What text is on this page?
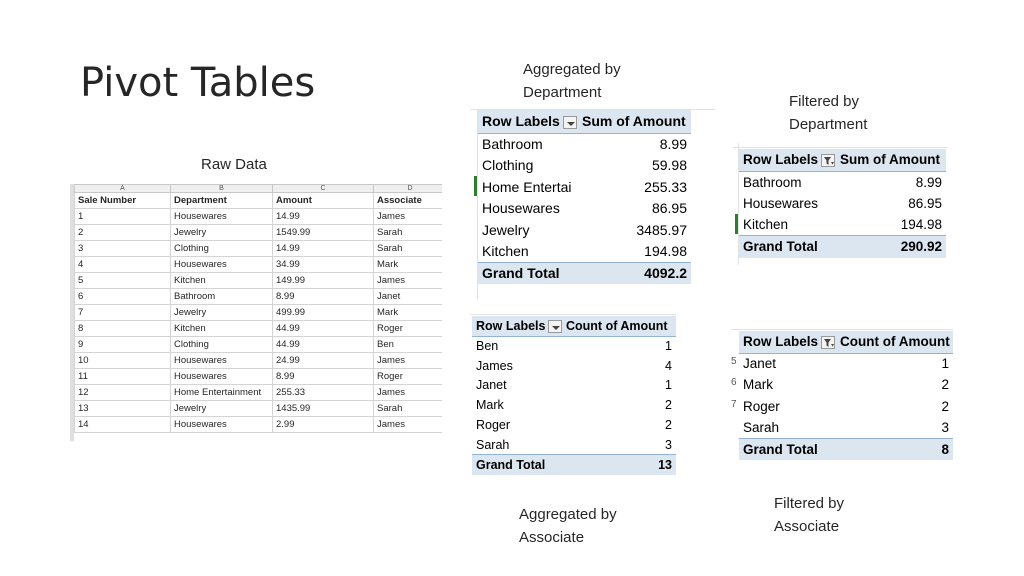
Pivot Tables
Raw Data
Aggregated by
Department
Filtered by
Department
Aggregated by
Associate
Filtered by
Associate
A	B	C	D
Sale Number	Department	Amount	Associate
1	Housewares	14.99	James
2	Jewelry	1549.99	Sarah
3	Clothing	14.99	Sarah
4	Housewares	34.99	Mark
5	Kitchen	149.99	James
6	Bathroom	8.99	Janet
7	Jewelry	499.99	Mark
8	Kitchen	44.99	Roger
9	Clothing	44.99	Ben
10	Housewares	24.99	James
11	Housewares	8.99	Roger
12	Home Entertainment	255.33	James
13	Jewelry	1435.99	Sarah
14	Housewares	2.99	James
Row Labels	Sum of Amount
Bathroom	8.99
Clothing	59.98
Home Entertai	255.33
Housewares	86.95
Jewelry	3485.97
Kitchen	194.98
Grand Total	4092.2
Row Labels	Sum of Amount
Bathroom	8.99
Housewares	86.95
Kitchen	194.98
Grand Total	290.92
Row Labels	Count of Amount
Ben	1
James	4
Janet	1
Mark	2
Roger	2
Sarah	3
Grand Total	13
5
6
7
Row Labels	Count of Amount
Janet	1
Mark	2
Roger	2
Sarah	3
Grand Total	8
